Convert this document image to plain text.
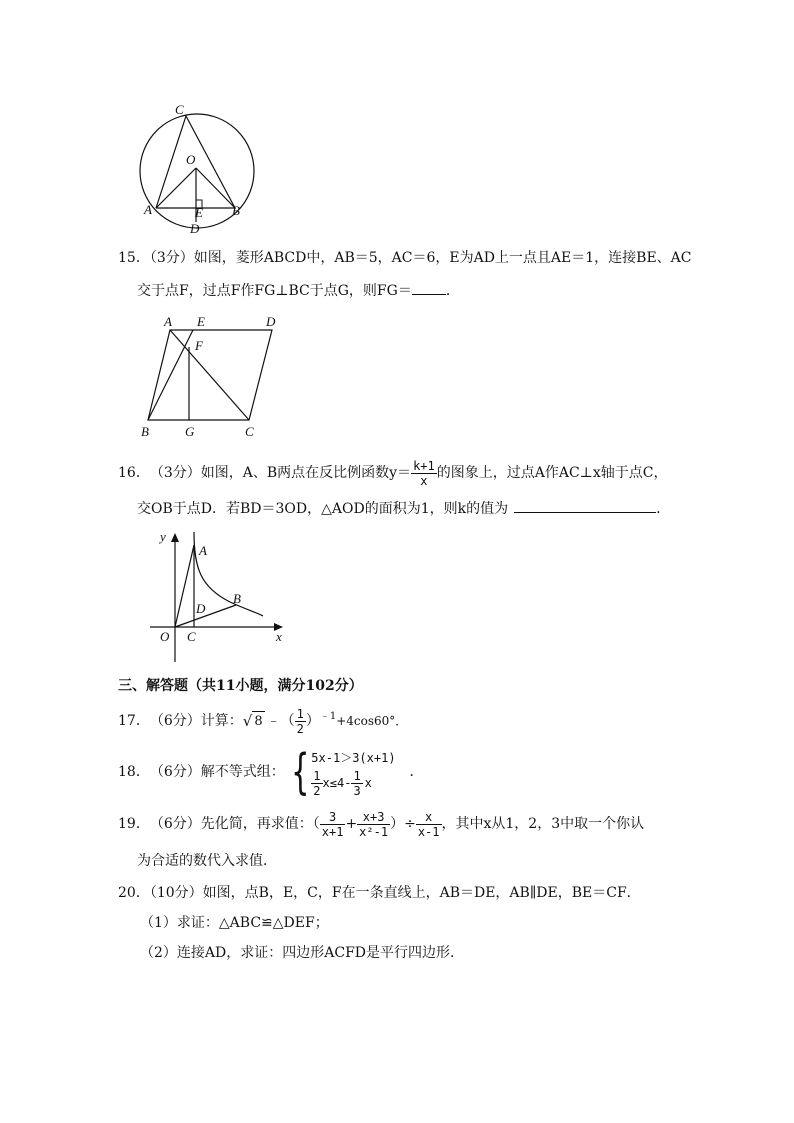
C
O
A	E B
D
15．（3分）如图，菱形ABCD中，AB＝5，AC＝6，E为AD上一点且AE＝1，连接BE、AC
交于点F，过点F作FG⊥BC于点G，则FG＝ ．
A E	D
F
B	G	C
16． （3分） 如图，A、B两点在反比例函数$y= \frac{k+1}{x}$ 的图象上，过点A作AC⊥x轴于点C，
交OB于点D．若BD＝3OD，△AOD的面积为1，则k的值为	．
y
A
D
B
O C	x
三、解答题（共11小题，满分102分）
17． （6分） 计算： √ 8 ﹣（ $\frac{1}{2} )^{﹣1} +4\cos 60^\circ$．
18． （6分） 解不等式组： { 5x-1＞3(x+1)
$\frac{1}{2} x\le 4- \frac{1}{3}$ x
．
19． （6分） 先化简，再求值：（ $\frac{3}{x+1} + \frac{x+3}{\text{x²-1}}$ ）÷ $\frac{x}{x-1}$ ，其中x从1，2，3中取一个你认
为合适的数代入求值．
20．（10分）如图，点B，E，C，F在一条直线上，AB＝DE，AB∥DE，BE＝CF．
（1）求证：△ABC≌△DEF；
（2）连接AD，求证：四边形ACFD是平行四边形．
